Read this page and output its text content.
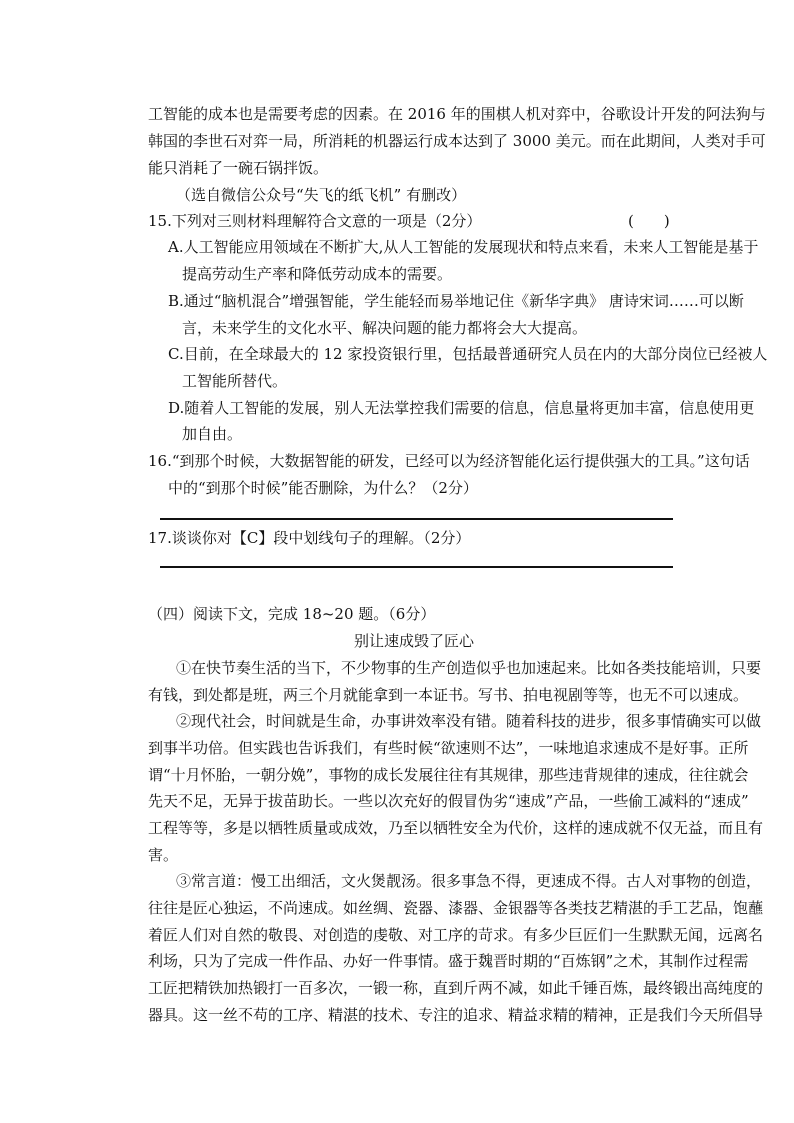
工智能的成本也是需要考虑的因素。在 2016 年的围棋人机对弈中，谷歌设计开发的阿法狗与
韩国的李世石对弈一局，所消耗的机器运行成本达到了 3000 美元。而在此期间，人类对手可
能只消耗了一碗石锅拌饭。
（选自微信公众号“失飞的纸飞机” 有删改）
15.下列对三则材料理解符合文意的一项是（2分）	(　　)
A.人工智能应用领域在不断扩大,从人工智能的发展现状和特点来看，未来人工智能是基于
提高劳动生产率和降低劳动成本的需要。
B.通过“脑机混合”增强智能，学生能轻而易举地记住《新华字典》 唐诗宋词……可以断
言，未来学生的文化水平、解决问题的能力都将会大大提高。
C.目前，在全球最大的 12 家投资银行里，包括最普通研究人员在内的大部分岗位已经被人
工智能所替代。
D.随着人工智能的发展，别人无法掌控我们需要的信息，信息量将更加丰富，信息使用更
加自由。
16.“到那个时候，大数据智能的研发，已经可以为经济智能化运行提供强大的工具。”这句话
中的“到那个时候”能否删除，为什么？（2分）
17.谈谈你对【C】段中划线句子的理解。（2分）
（四）阅读下文，完成 18~20 题。（6分）
别让速成毁了匠心
①在快节奏生活的当下，不少物事的生产创造似乎也加速起来。比如各类技能培训，只要
有钱，到处都是班，两三个月就能拿到一本证书。写书、拍电视剧等等，也无不可以速成。
②现代社会，时间就是生命，办事讲效率没有错。随着科技的进步，很多事情确实可以做
到事半功倍。但实践也告诉我们，有些时候“欲速则不达”，一味地追求速成不是好事。正所
谓“十月怀胎，一朝分娩”，事物的成长发展往往有其规律，那些违背规律的速成，往往就会
先天不足，无异于拔苗助长。一些以次充好的假冒伪劣“速成”产品，一些偷工减料的“速成”
工程等等，多是以牺牲质量或成效，乃至以牺牲安全为代价，这样的速成就不仅无益，而且有
害。
③常言道：慢工出细活，文火煲靓汤。很多事急不得，更速成不得。古人对事物的创造，
往往是匠心独运，不尚速成。如丝绸、瓷器、漆器、金银器等各类技艺精湛的手工艺品，饱蘸
着匠人们对自然的敬畏、对创造的虔敬、对工序的苛求。有多少巨匠们一生默默无闻，远离名
利场，只为了完成一件作品、办好一件事情。盛于魏晋时期的“百炼钢”之术，其制作过程需
工匠把精铁加热锻打一百多次，一锻一称，直到斤两不减，如此千锤百炼，最终锻出高纯度的
器具。这一丝不苟的工序、精湛的技术、专注的追求、精益求精的精神，正是我们今天所倡导
